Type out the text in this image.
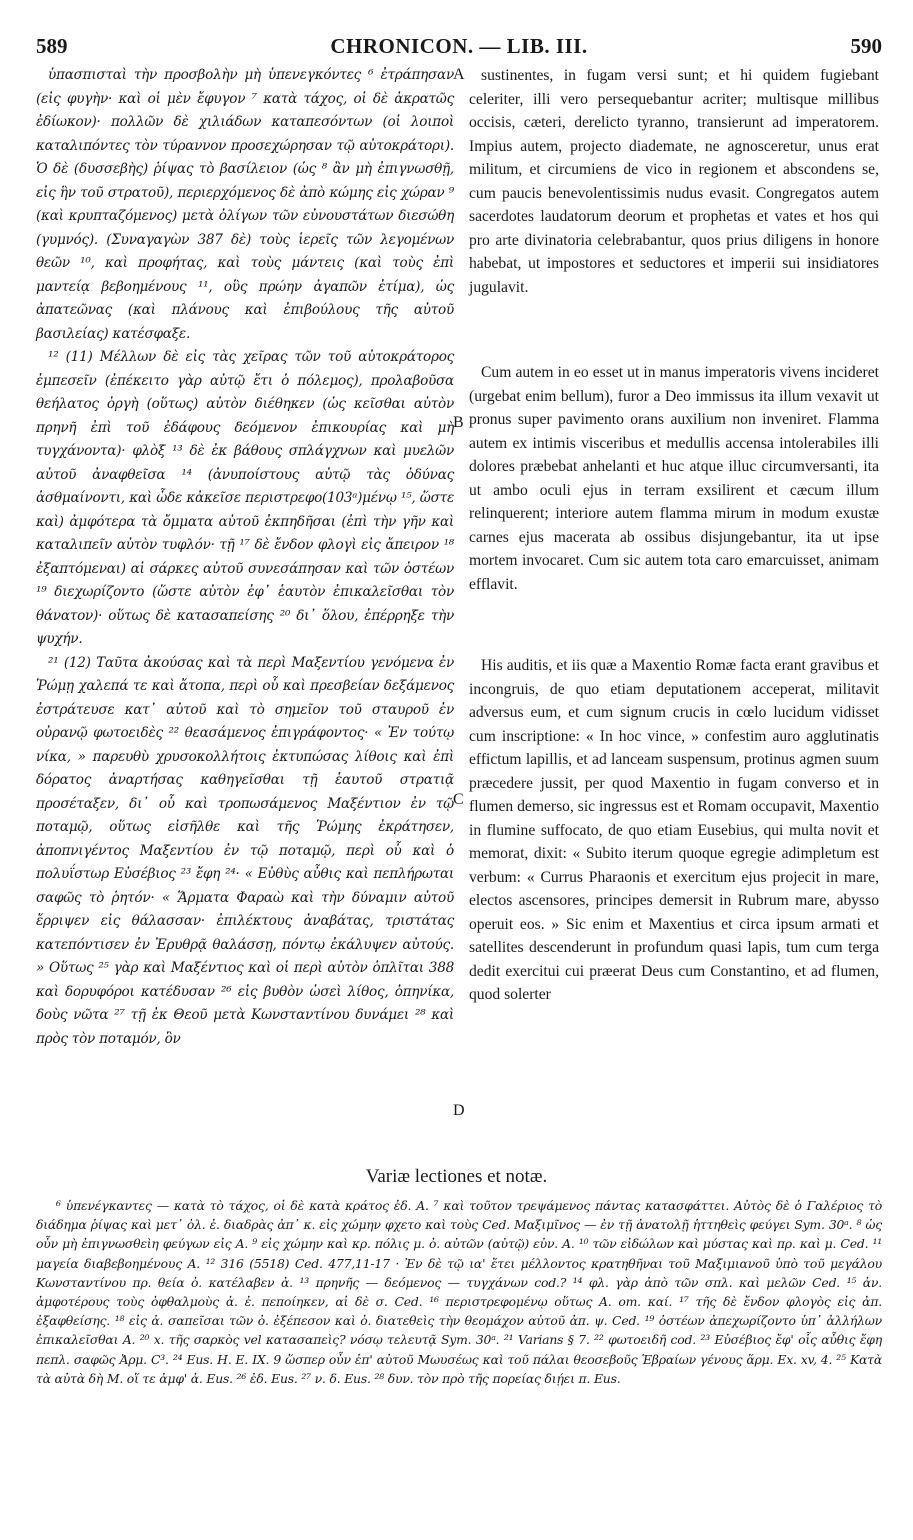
589	CHRONICON. — LIB. III.	590

ὑπασπισταὶ τὴν προσβολὴν μὴ ὑπενεγκόντες ⁶ ἐτράπησαν (εἰς φυγὴν· καὶ οἱ μὲν ἔφυγον ⁷ κατὰ τάχος, οἱ δὲ ἀκρατῶς ἐδίωκον)· πολλῶν δὲ χιλιάδων καταπεσόντων (οἱ λοιποὶ καταλιπόντες τὸν τύραννον προσεχώρησαν τῷ αὐτοκράτορι). Ὁ δὲ (δυσσεβὴς) ῥίψας τὸ βασίλειον (ὡς ⁸ ἂν μὴ ἐπιγνωσθῇ, εἰς ἣν τοῦ στρατοῦ), περιερχόμενος δὲ ἀπὸ κώμης εἰς χώραν ⁹ (καὶ κρυπταζόμενος) μετὰ ὀλίγων τῶν εὐνουστάτων διεσώθη (γυμνός). (Συναγαγὼν 387 δὲ) τοὺς ἱερεῖς τῶν λεγομένων θεῶν ¹⁰, καὶ προφήτας, καὶ τοὺς μάντεις (καὶ τοὺς ἐπὶ μαντείᾳ βεβοημένους ¹¹, οὓς πρώην ἀγαπῶν ἐτίμα), ὡς ἀπατεῶνας (καὶ πλάνους καὶ ἐπιβούλους τῆς αὐτοῦ βασιλείας) κατέσφαξε.

¹² (11) Μέλλων δὲ εἰς τὰς χεῖρας τῶν τοῦ αὐτοκράτορος ἐμπεσεῖν (ἐπέκειτο γὰρ αὐτῷ ἔτι ὁ πόλεμος), προλαβοῦσα θεήλατος ὀργὴ (οὕτως) αὐτὸν διέθηκεν (ὡς κεῖσθαι αὐτὸν πρηνῆ ἐπὶ τοῦ ἐδάφους δεόμενον ἐπικουρίας καὶ μὴ τυγχάνοντα)· φλὸξ ¹³ δὲ ἐκ βάθους σπλάγχνων καὶ μυελῶν αὐτοῦ ἀναφθεῖσα ¹⁴ (ἀνυποίστους αὐτῷ τὰς ὀδύνας ἀσθμαίνοντι, καὶ ὧδε κἀκεῖσε περιστρεφο(103ᵃ)μένῳ ¹⁵, ὥστε καὶ) ἀμφότερα τὰ ὄμματα αὐτοῦ ἐκπηδῆσαι (ἐπὶ τὴν γῆν καὶ καταλιπεῖν αὐτὸν τυφλόν· τῇ ¹⁷ δὲ ἔνδον φλογὶ εἰς ἄπειρον ¹⁸ ἐξαπτόμεναι) αἱ σάρκες αὐτοῦ συνεσάπησαν καὶ τῶν ὀστέων ¹⁹ διεχωρίζοντο (ὥστε αὐτὸν ἐφ᾽ ἑαυτὸν ἐπικαλεῖσθαι τὸν θάνατον)· οὕτως δὲ κατασαπείσης ²⁰ δι᾽ ὅλου, ἐπέρρηξε τὴν ψυχήν.

²¹ (12) Ταῦτα ἀκούσας καὶ τὰ περὶ Μαξεντίου γενόμενα ἐν Ῥώμῃ χαλεπά τε καὶ ἄτοπα, περὶ οὗ καὶ πρεσβείαν δεξάμενος ἐστράτευσε κατ᾽ αὐτοῦ καὶ τὸ σημεῖον τοῦ σταυροῦ ἐν οὐρανῷ φωτοειδὲς ²² θεασάμενος ἐπιγράφοντος· « Ἐν τούτῳ νίκα, » παρευθὺ χρυσοκολλήτοις ἐκτυπώσας λίθοις καὶ ἐπὶ δόρατος ἀναρτήσας καθηγεῖσθαι τῇ ἑαυτοῦ στρατιᾷ προσέταξεν, δι᾽ οὗ καὶ τροπωσάμενος Μαξέντιον ἐν τῷ ποταμῷ, οὕτως εἰσῆλθε καὶ τῆς Ῥώμης ἐκράτησεν, ἀποπνιγέντος Μαξεντίου ἐν τῷ ποταμῷ, περὶ οὗ καὶ ὁ πολυΐστωρ Εὐσέβιος ²³ ἔφη ²⁴· « Εὐθὺς αὖθις καὶ πεπλήρωται σαφῶς τὸ ῥητόν· « Ἅρματα Φαραὼ καὶ τὴν δύναμιν αὐτοῦ ἔρριψεν εἰς θάλασσαν· ἐπιλέκτους ἀναβάτας, τριστάτας κατεπόντισεν ἐν Ἐρυθρᾷ θαλάσσῃ, πόντῳ ἐκάλυψεν αὐτούς. » Οὕτως ²⁵ γὰρ καὶ Μαξέντιος καὶ οἱ περὶ αὐτὸν ὁπλῖται 388 καὶ δορυφόροι κατέδυσαν ²⁶ εἰς βυθὸν ὡσεὶ λίθος, ὁπηνίκα, δοὺς νῶτα ²⁷ τῇ ἐκ Θεοῦ μετὰ Κωνσταντίνου δυνάμει ²⁸ καὶ πρὸς τὸν ποταμόν, ὃν

A
B
C
D

sustinentes, in fugam versi sunt; et hi quidem fugiebant celeriter, illi vero persequebantur acriter; multisque millibus occisis, cæteri, derelicto tyranno, transierunt ad imperatorem. Impius autem, projecto diademate, ne agnosceretur, unus erat militum, et circumiens de vico in regionem et abscondens se, cum paucis benevolentissimis nudus evasit. Congregatos autem sacerdotes laudatorum deorum et prophetas et vates et hos qui pro arte divinatoria celebrabantur, quos prius diligens in honore habebat, ut impostores et seductores et imperii sui insidiatores jugulavit.

Cum autem in eo esset ut in manus imperatoris vivens incideret (urgebat enim bellum), furor a Deo immissus ita illum vexavit ut pronus super pavimento orans auxilium non inveniret. Flamma autem ex intimis visceribus et medullis accensa intolerabiles illi dolores præbebat anhelanti et huc atque illuc circumversanti, ita ut ambo oculi ejus in terram exsilirent et cæcum illum relinquerent; interiore autem flamma mirum in modum exustæ carnes ejus macerata ab ossibus disjungebantur, ita ut ipse mortem invocaret. Cum sic autem tota caro emarcuisset, animam efflavit.

His auditis, et iis quæ a Maxentio Romæ facta erant gravibus et incongruis, de quo etiam deputationem acceperat, militavit adversus eum, et cum signum crucis in cœlo lucidum vidisset cum inscriptione: « In hoc vince, » confestim auro agglutinatis effictum lapillis, et ad lanceam suspensum, protinus agmen suum præcedere jussit, per quod Maxentio in fugam converso et in flumen demerso, sic ingressus est et Romam occupavit, Maxentio in flumine suffocato, de quo etiam Eusebius, qui multa novit et memorat, dixit: « Subito iterum quoque egregie adimpletum est verbum: « Currus Pharaonis et exercitum ejus projecit in mare, electos ascensores, principes demersit in Rubrum mare, abysso operuit eos. » Sic enim et Maxentius et circa ipsum armati et satellites descenderunt in profundum quasi lapis, tum cum terga dedit exercitui cui præerat Deus cum Constantino, et ad flumen, quod solerter

Variæ lectiones et notæ.
⁶ ὑπενέγκαντες — κατὰ τὸ τάχος, οἱ δὲ κατὰ κράτος ἐδ. A. ⁷ καὶ τοῦτον τρεψάμενος πάντας κατασφάττει. Αὐτὸς δὲ ὁ Γαλέριος τὸ διάδημα ῥίψας καὶ μετ᾽ ὀλ. ἐ. διαδρὰς ἀπ᾽ κ. εἰς χώμην φχετο καὶ τοὺς Ced. Μαξιμῖνος — ἐν τῇ ἀνατολῇ ἡττηθεὶς φεύγει Sym. 30ᵃ. ⁸ ὡς οὖν μὴ ἐπιγνωσθεὶη φεύγων εἰς A. ⁹ εἰς χώμην καὶ κρ. πόλις μ. ὀ. αὐτῶν (αὐτῷ) εὐν. A. ¹⁰ τῶν εἰδώλων καὶ μύστας καὶ πρ. καὶ μ. Ced. ¹¹ μαγεία διαβεβοημένους A. ¹² 316 (5518) Ced. 477,11-17 · Ἐν δὲ τῷ ια' ἔτει μέλλοντος κρατηθῆναι τοῦ Μαξιμιανοῦ ὑπὸ τοῦ μεγάλου Κωνσταντίνου πρ. θεία ὀ. κατέλαβεν ἀ. ¹³ πρηνῆς — δεόμενος — τυγχάνων cod.? ¹⁴ φλ. γὰρ ἀπὸ τῶν σπλ. καὶ μελῶν Ced. ¹⁵ ἀν. ἀμφοτέρους τοὺς ὀφθαλμοὺς ἀ. ἐ. πεποίηκεν, αἱ δὲ σ. Ced. ¹⁶ περιστρεφομένῳ οὕτως A. om. καί. ¹⁷ τῆς δὲ ἔνδον φλογὸς εἰς ἀπ. ἐξαφθείσης. ¹⁸ εἰς ἀ. σαπεῖσαι τῶν ὀ. ἐξέπεσον καὶ ὀ. διατεθεὶς τὴν θεομάχον αὐτοῦ ἀπ. ψ. Ced. ¹⁹ ὀστέων ἀπεχωρίζοντο ὑπ᾽ ἀλλήλων ἐπικαλεῖσθαι A. ²⁰ x. τῆς σαρκὸς vel κατασαπεὶς? νόσῳ τελευτᾷ Sym. 30ᵃ. ²¹ Varians § 7. ²² φωτοειδῆ cod. ²³ Εὐσέβιος ἔφ' οἷς αὖθις ἔφη πεπλ. σαφῶς Ἀρμ. C³. ²⁴ Eus. H. E. IX. 9 ὥσπερ οὖν ἐπ' αὐτοῦ Μωυσέως καὶ τοῦ πάλαι θεοσεβοῦς Ἑβραίων γένους ἅρμ. Ex. xv, 4. ²⁵ Κατὰ τὰ αὐτὰ δὴ M. οἵ τε ἀμφ' ἀ. Eus. ²⁶ ἐδ. Eus. ²⁷ ν. δ. Eus. ²⁸ δυν. τὸν πρὸ τῆς πορείας διῄει π. Eus.
